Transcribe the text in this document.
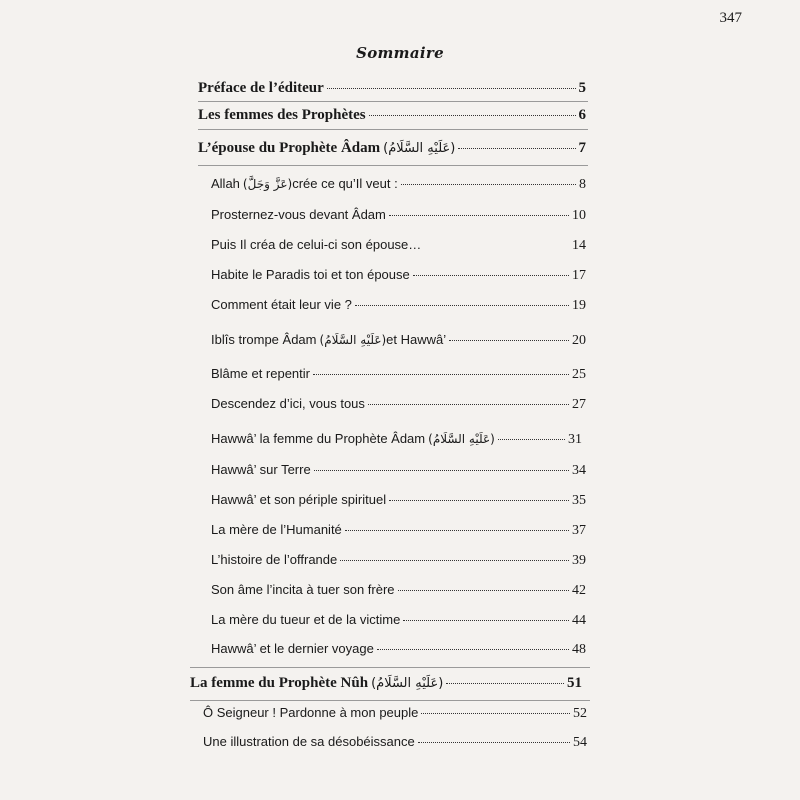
347
Sommaire
Préface de l’éditeur	5
Les femmes des Prophètes	6
L’épouse du Prophète Âdam (عَلَيْهِ السَّلَامُ)	7
Allah (عَزَّ وَجَلَّ) crée ce qu’Il veut :	8
Prosternez-vous devant Âdam	10
Puis Il créa de celui-ci son épouse…	14
Habite le Paradis toi et ton épouse	17
Comment était leur vie ?	19
Iblîs trompe Âdam (عَلَيْهِ السَّلَامُ) et Hawwâ’	20
Blâme et repentir	25
Descendez d’ici, vous tous	27
Hawwâ’ la femme du Prophète Âdam (عَلَيْهِ السَّلَامُ)	31
Hawwâ’ sur Terre	34
Hawwâ’ et son périple spirituel	35
La mère de l’Humanité	37
L’histoire de l’offrande	39
Son âme l’incita à tuer son frère	42
La mère du tueur et de la victime	44
Hawwâ’ et le dernier voyage	48
La femme du Prophète Nûh (عَلَيْهِ السَّلَامُ)	51
Ô Seigneur ! Pardonne à mon peuple	52
Une illustration de sa désobéissance	54
